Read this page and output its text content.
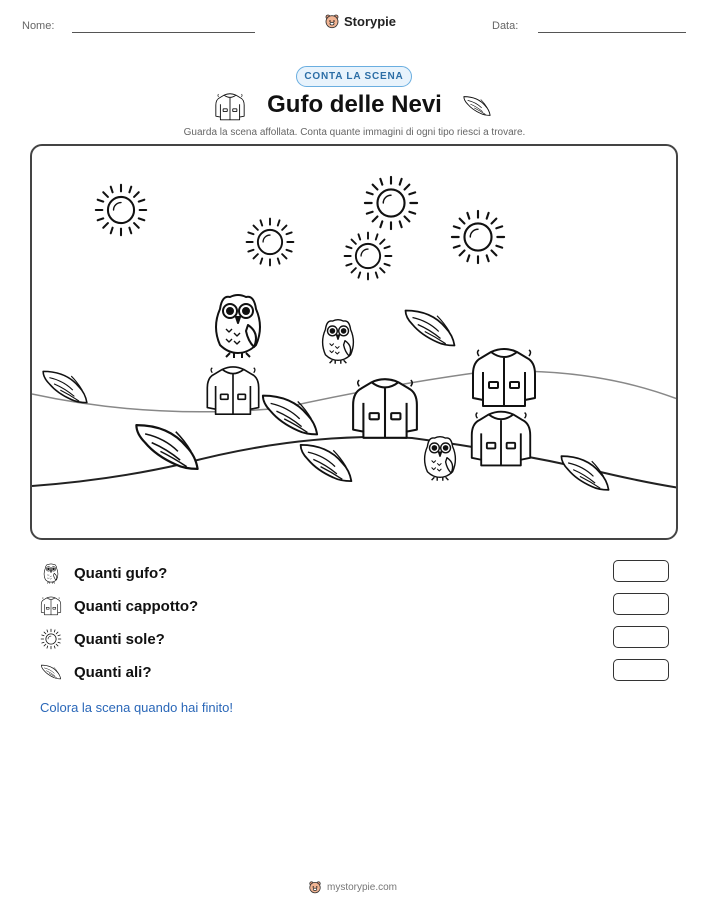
Nome:	Storypie	Data:
CONTA LA SCENA
Gufo delle Nevi
Guarda la scena affollata. Conta quante immagini di ogni tipo riesci a trovare.
Quanti gufo?
Quanti cappotto?
Quanti sole?
Quanti ali?
Colora la scena quando hai finito!
mystorypie.com
